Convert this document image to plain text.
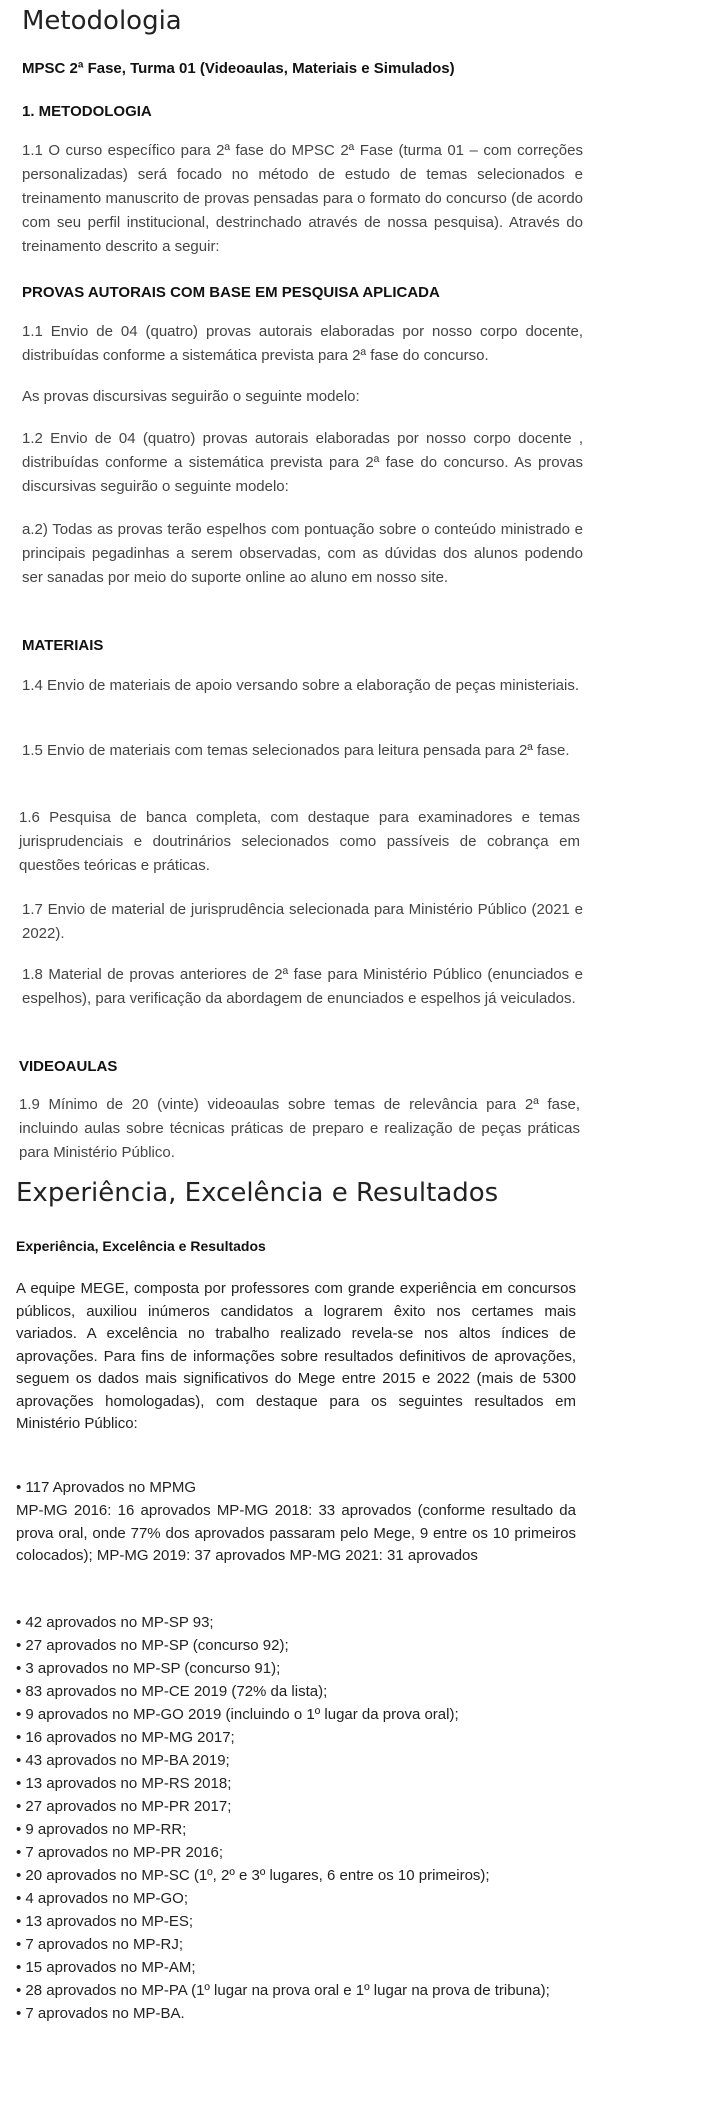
Metodologia
MPSC 2ª Fase, Turma 01 (Videoaulas, Materiais e Simulados)
1. METODOLOGIA

1.1 O curso específico para 2ª fase do MPSC 2ª Fase (turma 01 – com correções personalizadas) será focado no método de estudo de temas selecionados e treinamento manuscrito de provas pensadas para o formato do concurso (de acordo com seu perfil institucional, destrinchado através de nossa pesquisa). Através do treinamento descrito a seguir:

PROVAS AUTORAIS COM BASE EM PESQUISA APLICADA

1.1 Envio de 04 (quatro) provas autorais elaboradas por nosso corpo docente, distribuídas conforme a sistemática prevista para 2ª fase do concurso.

As provas discursivas seguirão o seguinte modelo:

1.2 Envio de 04 (quatro) provas autorais elaboradas por nosso corpo docente , distribuídas conforme a sistemática prevista para 2ª fase do concurso. As provas discursivas seguirão o seguinte modelo:

a.2) Todas as provas terão espelhos com pontuação sobre o conteúdo ministrado e principais pegadinhas a serem observadas, com as dúvidas dos alunos podendo ser sanadas por meio do suporte online ao aluno em nosso site.

MATERIAIS

1.4 Envio de materiais de apoio versando sobre a elaboração de peças ministeriais.

1.5 Envio de materiais com temas selecionados para leitura pensada para 2ª fase.

1.6 Pesquisa de banca completa, com destaque para examinadores e temas jurisprudenciais e doutrinários selecionados como passíveis de cobrança em questões teóricas e práticas.

1.7 Envio de material de jurisprudência selecionada para Ministério Público (2021 e 2022).

1.8 Material de provas anteriores de 2ª fase para Ministério Público (enunciados e espelhos), para verificação da abordagem de enunciados e espelhos já veiculados.

VIDEOAULAS

1.9 Mínimo de 20 (vinte) videoaulas sobre temas de relevância para 2ª fase, incluindo aulas sobre técnicas práticas de preparo e realização de peças práticas para Ministério Público.

Experiência, Excelência e Resultados
Experiência, Excelência e Resultados

A equipe MEGE, composta por professores com grande experiência em concursos públicos, auxiliou inúmeros candidatos a lograrem êxito nos certames mais variados. A excelência no trabalho realizado revela-se nos altos índices de aprovações. Para fins de informações sobre resultados definitivos de aprovações, seguem os dados mais significativos do Mege entre 2015 e 2022 (mais de 5300 aprovações homologadas), com destaque para os seguintes resultados em Ministério Público:

• 117 Aprovados no MPMG

MP-MG 2016: 16 aprovados MP-MG 2018: 33 aprovados (conforme resultado da prova oral, onde 77% dos aprovados passaram pelo Mege, 9 entre os 10 primeiros colocados); MP-MG 2019: 37 aprovados MP-MG 2021: 31 aprovados

• 42 aprovados no MP-SP 93;
• 27 aprovados no MP-SP (concurso 92);
• 3 aprovados no MP-SP (concurso 91);
• 83 aprovados no MP-CE 2019 (72% da lista);
• 9 aprovados no MP-GO 2019 (incluindo o 1º lugar da prova oral);
• 16 aprovados no MP-MG 2017;
• 43 aprovados no MP-BA 2019;
• 13 aprovados no MP-RS 2018;
• 27 aprovados no MP-PR 2017;
• 9 aprovados no MP-RR;
• 7 aprovados no MP-PR 2016;
• 20 aprovados no MP-SC (1º, 2º e 3º lugares, 6 entre os 10 primeiros);
• 4 aprovados no MP-GO;
• 13 aprovados no MP-ES;
• 7 aprovados no MP-RJ;
• 15 aprovados no MP-AM;
• 28 aprovados no MP-PA (1º lugar na prova oral e 1º lugar na prova de tribuna);
• 7 aprovados no MP-BA.
